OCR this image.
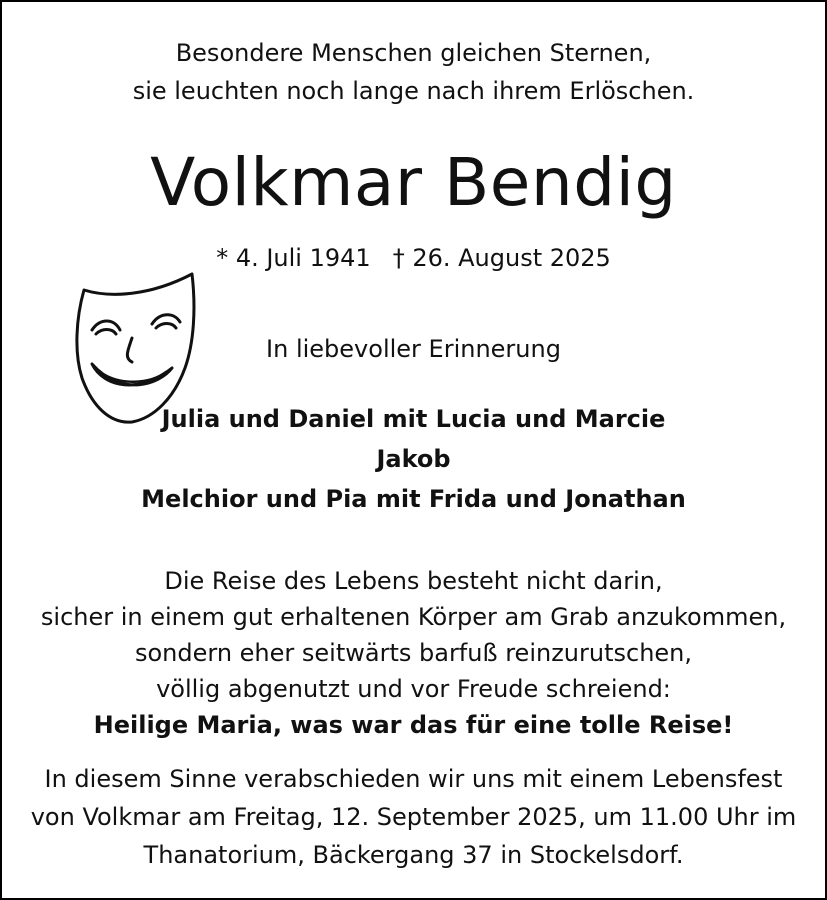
Besondere Menschen gleichen Sternen,
sie leuchten noch lange nach ihrem Erlöschen.
Volkmar Bendig
* 4. Juli 1941 † 26. August 2025
In liebevoller Erinnerung
Julia und Daniel mit Lucia und Marcie
Jakob
Melchior und Pia mit Frida und Jonathan
Die Reise des Lebens besteht nicht darin,
sicher in einem gut erhaltenen Körper am Grab anzukommen,
sondern eher seitwärts barfuß reinzurutschen,
völlig abgenutzt und vor Freude schreiend:
Heilige Maria, was war das für eine tolle Reise!
In diesem Sinne verabschieden wir uns mit einem Lebensfest
von Volkmar am Freitag, 12. September 2025, um 11.00 Uhr im
Thanatorium, Bäckergang 37 in Stockelsdorf.
